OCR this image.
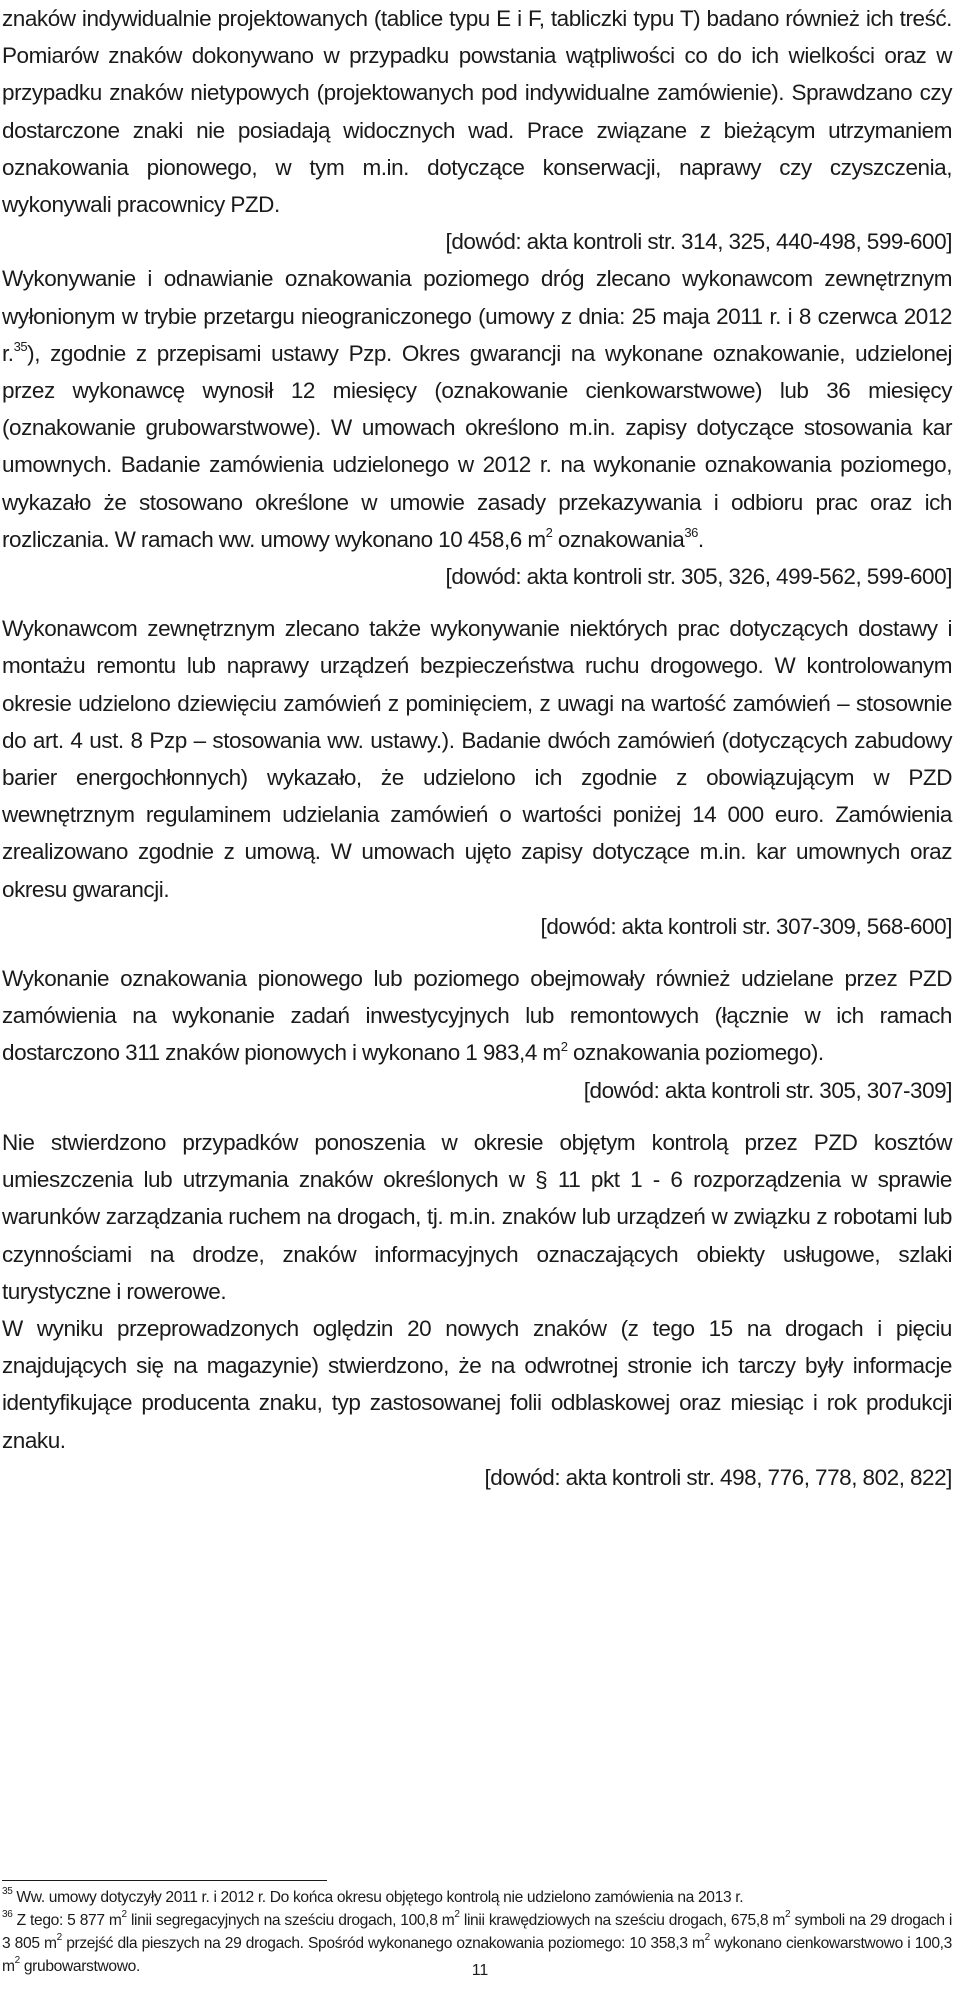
znaków indywidualnie projektowanych (tablice typu E i F, tabliczki typu T) badano również ich treść. Pomiarów znaków dokonywano w przypadku powstania wątpliwości co do ich wielkości oraz w przypadku znaków nietypowych (projektowanych pod indywidualne zamówienie). Sprawdzano czy dostarczone znaki nie posiadają widocznych wad. Prace związane z bieżącym utrzymaniem oznakowania pionowego, w tym m.in. dotyczące konserwacji, naprawy czy czyszczenia, wykonywali pracownicy PZD.

[dowód: akta kontroli str. 314, 325, 440-498, 599-600]

Wykonywanie i odnawianie oznakowania poziomego dróg zlecano wykonawcom zewnętrznym wyłonionym w trybie przetargu nieograniczonego (umowy z dnia: 25 maja 2011 r. i 8 czerwca 2012 r.$^{35}$), zgodnie z przepisami ustawy Pzp. Okres gwarancji na wykonane oznakowanie, udzielonej przez wykonawcę wynosił 12 miesięcy (oznakowanie cienkowarstwowe) lub 36 miesięcy (oznakowanie grubowarstwowe). W umowach określono m.in. zapisy dotyczące stosowania kar umownych. Badanie zamówienia udzielonego w 2012 r. na wykonanie oznakowania poziomego, wykazało że stosowano określone w umowie zasady przekazywania i odbioru prac oraz ich rozliczania. W ramach ww. umowy wykonano 10 458,6 $m^2$ oznakowania$^{36}$.

[dowód: akta kontroli str. 305, 326, 499-562, 599-600]

Wykonawcom zewnętrznym zlecano także wykonywanie niektórych prac dotyczących dostawy i montażu remontu lub naprawy urządzeń bezpieczeństwa ruchu drogowego. W kontrolowanym okresie udzielono dziewięciu zamówień z pominięciem, z uwagi na wartość zamówień – stosownie do art. 4 ust. 8 Pzp – stosowania ww. ustawy.). Badanie dwóch zamówień (dotyczących zabudowy barier energochłonnych) wykazało, że udzielono ich zgodnie z obowiązującym w PZD wewnętrznym regulaminem udzielania zamówień o wartości poniżej 14 000 euro. Zamówienia zrealizowano zgodnie z umową. W umowach ujęto zapisy dotyczące m.in. kar umownych oraz okresu gwarancji.

[dowód: akta kontroli str. 307-309, 568-600]

Wykonanie oznakowania pionowego lub poziomego obejmowały również udzielane przez PZD zamówienia na wykonanie zadań inwestycyjnych lub remontowych (łącznie w ich ramach dostarczono 311 znaków pionowych i wykonano 1 983,4 $m^2$ oznakowania poziomego).

[dowód: akta kontroli str. 305, 307-309]

Nie stwierdzono przypadków ponoszenia w okresie objętym kontrolą przez PZD kosztów umieszczenia lub utrzymania znaków określonych w § 11 pkt 1 - 6 rozporządzenia w sprawie warunków zarządzania ruchem na drogach, tj. m.in. znaków lub urządzeń w związku z robotami lub czynnościami na drodze, znaków informacyjnych oznaczających obiekty usługowe, szlaki turystyczne i rowerowe.

W wyniku przeprowadzonych oględzin 20 nowych znaków (z tego 15 na drogach i pięciu znajdujących się na magazynie) stwierdzono, że na odwrotnej stronie ich tarczy były informacje identyfikujące producenta znaku, typ zastosowanej folii odblaskowej oraz miesiąc i rok produkcji znaku.

[dowód: akta kontroli str. 498, 776, 778, 802, 822]

$^{35}$ Ww. umowy dotyczyły 2011 r. i 2012 r. Do końca okresu objętego kontrolą nie udzielono zamówienia na 2013 r.

$^{36}$ Z tego: 5 877 $m^2$ linii segregacyjnych na sześciu drogach, 100,8 $m^2$ linii krawędziowych na sześciu drogach, 675,8 $m^2$ symboli na 29 drogach i 3 805 $m^2$ przejść dla pieszych na 29 drogach. Spośród wykonanego oznakowania poziomego: 10 358,3 $m^2$ wykonano cienkowarstwowo i 100,3 $m^2$ grubowarstwowo.	11
